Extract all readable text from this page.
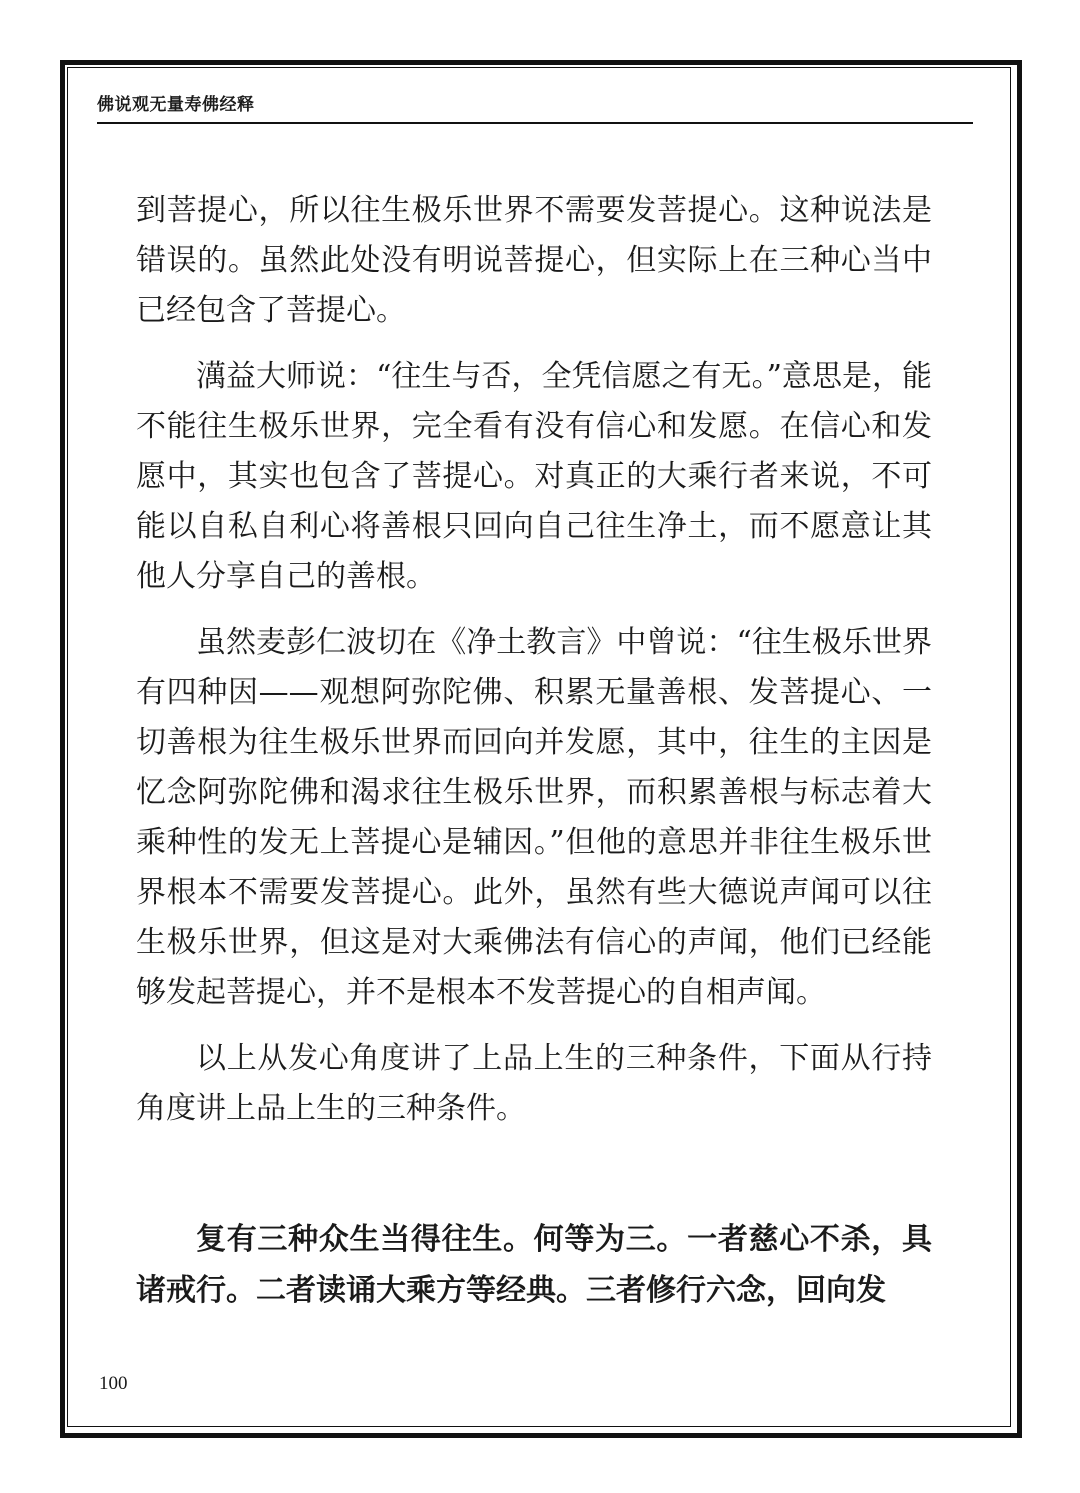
佛说观无量寿佛经释

到菩提心，所以往生极乐世界不需要发菩提心。这种说法是错误的。虽然此处没有明说菩提心，但实际上在三种心当中已经包含了菩提心。

澫益大师说：“往生与否，全凭信愿之有无。”意思是，能不能往生极乐世界，完全看有没有信心和发愿。在信心和发愿中，其实也包含了菩提心。对真正的大乘行者来说，不可能以自私自利心将善根只回向自己往生净土，而不愿意让其他人分享自己的善根。

虽然麦彭仁波切在《净土教言》中曾说：“往生极乐世界有四种因——观想阿弥陀佛、积累无量善根、发菩提心、一切善根为往生极乐世界而回向并发愿，其中，往生的主因是忆念阿弥陀佛和渴求往生极乐世界，而积累善根与标志着大乘种性的发无上菩提心是辅因。”但他的意思并非往生极乐世界根本不需要发菩提心。此外，虽然有些大德说声闻可以往生极乐世界，但这是对大乘佛法有信心的声闻，他们已经能够发起菩提心，并不是根本不发菩提心的自相声闻。

以上从发心角度讲了上品上生的三种条件，下面从行持角度讲上品上生的三种条件。

复有三种众生当得往生。何等为三。一者慈心不杀，具诸戒行。二者读诵大乘方等经典。三者修行六念，回向发

100
